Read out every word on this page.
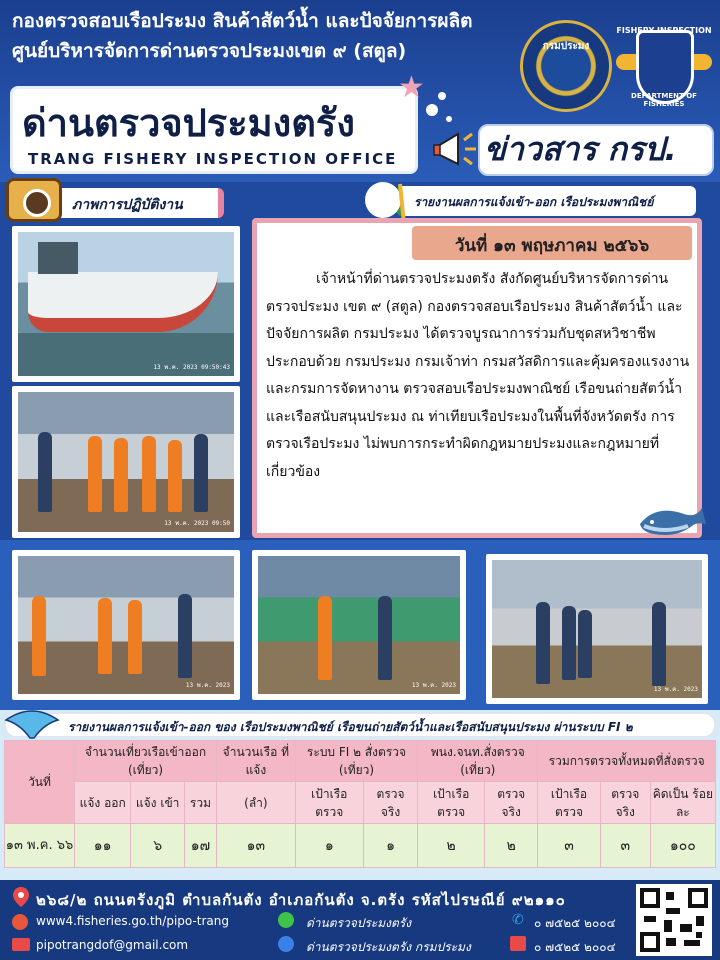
กองตรวจสอบเรือประมง สินค้าสัตว์น้ำ และปัจจัยการผลิต
ศูนย์บริหารจัดการด่านตรวจประมงเขต ๙ (สตูล)
ด่านตรวจประมงตรัง
TRANG FISHERY INSPECTION OFFICE
★
กรมประมง
FISHERY INSPECTION
DEPARTMENT OF FISHERIES
ข่าวสาร กรป.
ภาพการปฏิบัติงาน	รายงานผลการแจ้งเข้า-ออก เรือประมงพาณิชย์
13 พ.ค. 2023 09:50:43
13 พ.ค. 2023 09:50
13 พ.ค. 2023	13 พ.ค. 2023
13 พ.ค. 2023
วันที่ ๑๓ พฤษภาคม ๒๕๖๖
เจ้าหน้าที่ด่านตรวจประมงตรัง สังกัดศูนย์บริหารจัดการด่านตรวจประมง เขต ๙ (สตูล) กองตรวจสอบเรือประมง สินค้าสัตว์น้ำ และปัจจัยการผลิต กรมประมง ได้ตรวจบูรณาการร่วมกับชุดสหวิชาชีพ ประกอบด้วย กรมประมง กรมเจ้าท่า กรมสวัสดิการและคุ้มครองแรงงาน และกรมการจัดหางาน ตรวจสอบเรือประมงพาณิชย์ เรือขนถ่ายสัตว์น้ำและเรือสนับสนุนประมง ณ ท่าเทียบเรือประมงในพื้นที่จังหวัดตรัง การตรวจเรือประมง ไม่พบการกระทำผิดกฎหมายประมงและกฎหมายที่เกี่ยวข้อง
รายงานผลการแจ้งเข้า-ออก ของ เรือประมงพาณิชย์ เรือขนถ่ายสัตว์น้ำและเรือสนับสนุนประมง ผ่านระบบ FI ๒
วันที่	จำนวนเที่ยวเรือเข้าออก (เที่ยว)			จำนวนเรือ ที่แจ้ง	ระบบ FI ๒ สั่งตรวจ (เที่ยว)		พนง.จนท.สั่งตรวจ (เที่ยว)		รวมการตรวจทั้งหมดที่สั่งตรวจ		
	แจ้ง ออก	แจ้ง เข้า	รวม	(ลำ)	เป้าเรือ ตรวจ	ตรวจ จริง	เป้าเรือ ตรวจ	ตรวจ จริง	เป้าเรือ ตรวจ	ตรวจ จริง	คิดเป็น ร้อยละ
๑๓ พ.ค. ๖๖	๑๑	๖	๑๗	๑๓	๑	๑	๒	๒	๓	๓	๑๐๐
๒๖๘/๒ ถนนตรังภูมิ ตำบลกันตัง อำเภอกันตัง จ.ตรัง รหัสไปรษณีย์ ๙๒๑๑๐
www4.fisheries.go.th/pipo-trang	ด่านตรวจประมงตรัง	✆ ๐ ๗๕๒๕ ๒๐๐๔
pipotrangdof@gmail.com	ด่านตรวจประมงตรัง กรมประมง	๐ ๗๕๒๕ ๒๐๐๔
